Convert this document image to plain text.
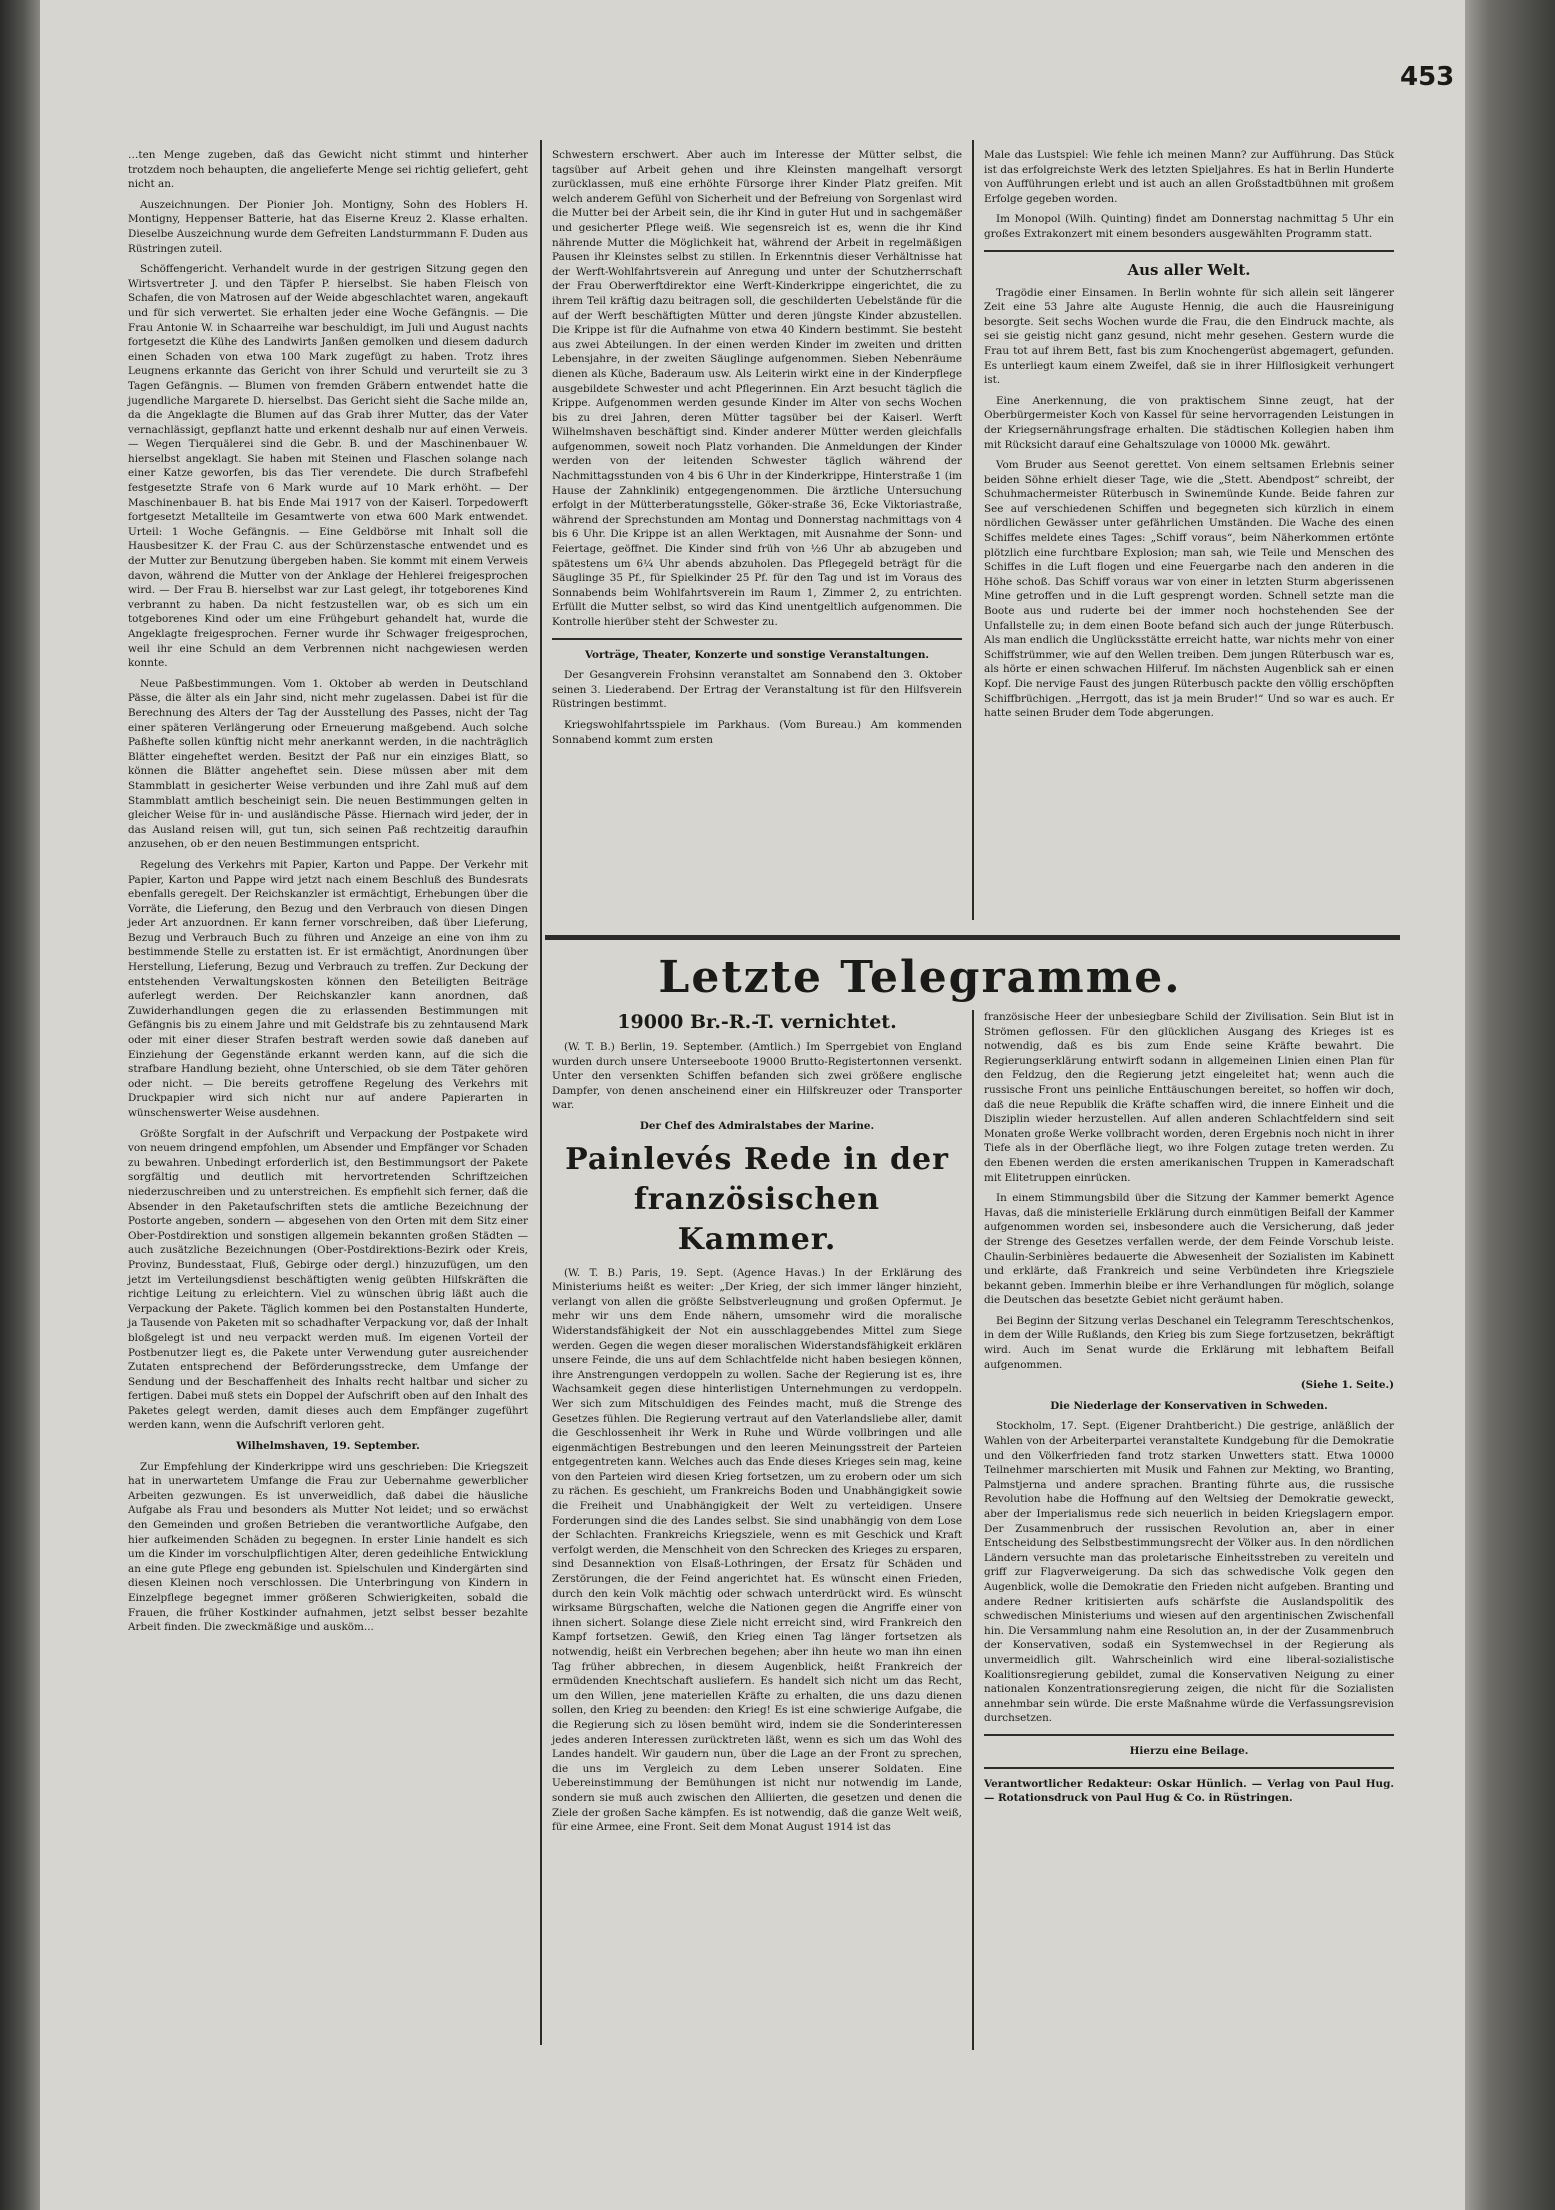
453

…ten Menge zugeben, daß das Gewicht nicht stimmt und hinterher trotzdem noch behaupten, die angelieferte Menge sei richtig geliefert, geht nicht an.

Auszeichnungen. Der Pionier Joh. Montigny, Sohn des Hoblers H. Montigny, Heppenser Batterie, hat das Eiserne Kreuz 2. Klasse erhalten. Dieselbe Auszeichnung wurde dem Gefreiten Landsturmmann F. Duden aus Rüstringen zuteil.

Schöffengericht. Verhandelt wurde in der gestrigen Sitzung gegen den Wirtsvertreter J. und den Täpfer P. hierselbst. Sie haben Fleisch von Schafen, die von Matrosen auf der Weide abgeschlachtet waren, angekauft und für sich verwertet. Sie erhalten jeder eine Woche Gefängnis. — Die Frau Antonie W. in Schaarreihe war beschuldigt, im Juli und August nachts fortgesetzt die Kühe des Landwirts Janßen gemolken und diesem dadurch einen Schaden von etwa 100 Mark zugefügt zu haben. Trotz ihres Leugnens erkannte das Gericht von ihrer Schuld und verurteilt sie zu 3 Tagen Gefängnis. — Blumen von fremden Gräbern entwendet hatte die jugendliche Margarete D. hierselbst. Das Gericht sieht die Sache milde an, da die Angeklagte die Blumen auf das Grab ihrer Mutter, das der Vater vernachlässigt, gepflanzt hatte und erkennt deshalb nur auf einen Verweis. — Wegen Tierquälerei sind die Gebr. B. und der Maschinenbauer W. hierselbst angeklagt. Sie haben mit Steinen und Flaschen solange nach einer Katze geworfen, bis das Tier verendete. Die durch Strafbefehl festgesetzte Strafe von 6 Mark wurde auf 10 Mark erhöht. — Der Maschinenbauer B. hat bis Ende Mai 1917 von der Kaiserl. Torpedowerft fortgesetzt Metallteile im Gesamtwerte von etwa 600 Mark entwendet. Urteil: 1 Woche Gefängnis. — Eine Geldbörse mit Inhalt soll die Hausbesitzer K. der Frau C. aus der Schürzenstasche entwendet und es der Mutter zur Benutzung übergeben haben. Sie kommt mit einem Verweis davon, während die Mutter von der Anklage der Hehlerei freigesprochen wird. — Der Frau B. hierselbst war zur Last gelegt, ihr totgeborenes Kind verbrannt zu haben. Da nicht festzustellen war, ob es sich um ein totgeborenes Kind oder um eine Frühgeburt gehandelt hat, wurde die Angeklagte freigesprochen. Ferner wurde ihr Schwager freigesprochen, weil ihr eine Schuld an dem Verbrennen nicht nachgewiesen werden konnte.

Neue Paßbestimmungen. Vom 1. Oktober ab werden in Deutschland Pässe, die älter als ein Jahr sind, nicht mehr zugelassen. Dabei ist für die Berechnung des Alters der Tag der Ausstellung des Passes, nicht der Tag einer späteren Verlängerung oder Erneuerung maßgebend. Auch solche Paßhefte sollen künftig nicht mehr anerkannt werden, in die nachträglich Blätter eingeheftet werden. Besitzt der Paß nur ein einziges Blatt, so können die Blätter angeheftet sein. Diese müssen aber mit dem Stammblatt in gesicherter Weise verbunden und ihre Zahl muß auf dem Stammblatt amtlich bescheinigt sein. Die neuen Bestimmungen gelten in gleicher Weise für in- und ausländische Pässe. Hiernach wird jeder, der in das Ausland reisen will, gut tun, sich seinen Paß rechtzeitig daraufhin anzusehen, ob er den neuen Bestimmungen entspricht.

Regelung des Verkehrs mit Papier, Karton und Pappe. Der Verkehr mit Papier, Karton und Pappe wird jetzt nach einem Beschluß des Bundesrats ebenfalls geregelt. Der Reichskanzler ist ermächtigt, Erhebungen über die Vorräte, die Lieferung, den Bezug und den Verbrauch von diesen Dingen jeder Art anzuordnen. Er kann ferner vorschreiben, daß über Lieferung, Bezug und Verbrauch Buch zu führen und Anzeige an eine von ihm zu bestimmende Stelle zu erstatten ist. Er ist ermächtigt, Anordnungen über Herstellung, Lieferung, Bezug und Verbrauch zu treffen. Zur Deckung der entstehenden Verwaltungskosten können den Beteiligten Beiträge auferlegt werden. Der Reichskanzler kann anordnen, daß Zuwiderhandlungen gegen die zu erlassenden Bestimmungen mit Gefängnis bis zu einem Jahre und mit Geldstrafe bis zu zehntausend Mark oder mit einer dieser Strafen bestraft werden sowie daß daneben auf Einziehung der Gegenstände erkannt werden kann, auf die sich die strafbare Handlung bezieht, ohne Unterschied, ob sie dem Täter gehören oder nicht. — Die bereits getroffene Regelung des Verkehrs mit Druckpapier wird sich nicht nur auf andere Papierarten in wünschenswerter Weise ausdehnen.

Größte Sorgfalt in der Aufschrift und Verpackung der Postpakete wird von neuem dringend empfohlen, um Absender und Empfänger vor Schaden zu bewahren. Unbedingt erforderlich ist, den Bestimmungsort der Pakete sorgfältig und deutlich mit hervortretenden Schriftzeichen niederzuschreiben und zu unterstreichen. Es empfiehlt sich ferner, daß die Absender in den Paketaufschriften stets die amtliche Bezeichnung der Postorte angeben, sondern — abgesehen von den Orten mit dem Sitz einer Ober-Postdirektion und sonstigen allgemein bekannten großen Städten — auch zusätzliche Bezeichnungen (Ober-Postdirektions-Bezirk oder Kreis, Provinz, Bundesstaat, Fluß, Gebirge oder dergl.) hinzuzufügen, um den jetzt im Verteilungsdienst beschäftigten wenig geübten Hilfskräften die richtige Leitung zu erleichtern. Viel zu wünschen übrig läßt auch die Verpackung der Pakete. Täglich kommen bei den Postanstalten Hunderte, ja Tausende von Paketen mit so schadhafter Verpackung vor, daß der Inhalt bloßgelegt ist und neu verpackt werden muß. Im eigenen Vorteil der Postbenutzer liegt es, die Pakete unter Verwendung guter ausreichender Zutaten entsprechend der Beförderungsstrecke, dem Umfange der Sendung und der Beschaffenheit des Inhalts recht haltbar und sicher zu fertigen. Dabei muß stets ein Doppel der Aufschrift oben auf den Inhalt des Paketes gelegt werden, damit dieses auch dem Empfänger zugeführt werden kann, wenn die Aufschrift verloren geht.

Wilhelmshaven, 19. September.

Zur Empfehlung der Kinderkrippe wird uns geschrieben: Die Kriegszeit hat in unerwartetem Umfange die Frau zur Uebernahme gewerblicher Arbeiten gezwungen. Es ist unverweidlich, daß dabei die häusliche Aufgabe als Frau und besonders als Mutter Not leidet; und so erwächst den Gemeinden und großen Betrieben die verantwortliche Aufgabe, den hier aufkeimenden Schäden zu begegnen. In erster Linie handelt es sich um die Kinder im vorschulpflichtigen Alter, deren gedeihliche Entwicklung an eine gute Pflege eng gebunden ist. Spielschulen und Kindergärten sind diesen Kleinen noch verschlossen. Die Unterbringung von Kindern in Einzelpflege begegnet immer größeren Schwierigkeiten, sobald die Frauen, die früher Kostkinder aufnahmen, jetzt selbst besser bezahlte Arbeit finden. Die zweckmäßige und ausköm...

Schwestern erschwert. Aber auch im Interesse der Mütter selbst, die tagsüber auf Arbeit gehen und ihre Kleinsten mangelhaft versorgt zurücklassen, muß eine erhöhte Fürsorge ihrer Kinder Platz greifen. Mit welch anderem Gefühl von Sicherheit und der Befreiung von Sorgenlast wird die Mutter bei der Arbeit sein, die ihr Kind in guter Hut und in sachgemäßer und gesicherter Pflege weiß. Wie segensreich ist es, wenn die ihr Kind nährende Mutter die Möglichkeit hat, während der Arbeit in regelmäßigen Pausen ihr Kleinstes selbst zu stillen. In Erkenntnis dieser Verhältnisse hat der Werft-Wohlfahrtsverein auf Anregung und unter der Schutzherrschaft der Frau Oberwerftdirektor eine Werft-Kinderkrippe eingerichtet, die zu ihrem Teil kräftig dazu beitragen soll, die geschilderten Uebelstände für die auf der Werft beschäftigten Mütter und deren jüngste Kinder abzustellen. Die Krippe ist für die Aufnahme von etwa 40 Kindern bestimmt. Sie besteht aus zwei Abteilungen. In der einen werden Kinder im zweiten und dritten Lebensjahre, in der zweiten Säuglinge aufgenommen. Sieben Nebenräume dienen als Küche, Baderaum usw. Als Leiterin wirkt eine in der Kinderpflege ausgebildete Schwester und acht Pflegerinnen. Ein Arzt besucht täglich die Krippe. Aufgenommen werden gesunde Kinder im Alter von sechs Wochen bis zu drei Jahren, deren Mütter tagsüber bei der Kaiserl. Werft Wilhelmshaven beschäftigt sind. Kinder anderer Mütter werden gleichfalls aufgenommen, soweit noch Platz vorhanden. Die Anmeldungen der Kinder werden von der leitenden Schwester täglich während der Nachmittagsstunden von 4 bis 6 Uhr in der Kinderkrippe, Hinterstraße 1 (im Hause der Zahnklinik) entgegengenommen. Die ärztliche Untersuchung erfolgt in der Mütterberatungsstelle, Göker-straße 36, Ecke Viktoriastraße, während der Sprechstunden am Montag und Donnerstag nachmittags von 4 bis 6 Uhr. Die Krippe ist an allen Werktagen, mit Ausnahme der Sonn- und Feiertage, geöffnet. Die Kinder sind früh von ½6 Uhr ab abzugeben und spätestens um 6¼ Uhr abends abzuholen. Das Pflegegeld beträgt für die Säuglinge 35 Pf., für Spielkinder 25 Pf. für den Tag und ist im Voraus des Sonnabends beim Wohlfahrtsverein im Raum 1, Zimmer 2, zu entrichten. Erfüllt die Mutter selbst, so wird das Kind unentgeltlich aufgenommen. Die Kontrolle hierüber steht der Schwester zu.

Vorträge, Theater, Konzerte und sonstige Veranstaltungen.

Der Gesangverein Frohsinn veranstaltet am Sonnabend den 3. Oktober seinen 3. Liederabend. Der Ertrag der Veranstaltung ist für den Hilfsverein Rüstringen bestimmt.

Kriegswohlfahrtsspiele im Parkhaus. (Vom Bureau.) Am kommenden Sonnabend kommt zum ersten

Male das Lustspiel: Wie fehle ich meinen Mann? zur Aufführung. Das Stück ist das erfolgreichste Werk des letzten Spieljahres. Es hat in Berlin Hunderte von Aufführungen erlebt und ist auch an allen Großstadtbühnen mit großem Erfolge gegeben worden.

Im Monopol (Wilh. Quinting) findet am Donnerstag nachmittag 5 Uhr ein großes Extrakonzert mit einem besonders ausgewählten Programm statt.

Aus aller Welt.

Tragödie einer Einsamen. In Berlin wohnte für sich allein seit längerer Zeit eine 53 Jahre alte Auguste Hennig, die auch die Hausreinigung besorgte. Seit sechs Wochen wurde die Frau, die den Eindruck machte, als sei sie geistig nicht ganz gesund, nicht mehr gesehen. Gestern wurde die Frau tot auf ihrem Bett, fast bis zum Knochengerüst abgemagert, gefunden. Es unterliegt kaum einem Zweifel, daß sie in ihrer Hilflosigkeit verhungert ist.

Eine Anerkennung, die von praktischem Sinne zeugt, hat der Oberbürgermeister Koch von Kassel für seine hervorragenden Leistungen in der Kriegsernährungsfrage erhalten. Die städtischen Kollegien haben ihm mit Rücksicht darauf eine Gehaltszulage von 10000 Mk. gewährt.

Vom Bruder aus Seenot gerettet. Von einem seltsamen Erlebnis seiner beiden Söhne erhielt dieser Tage, wie die „Stett. Abendpost“ schreibt, der Schuhmachermeister Rüterbusch in Swinemünde Kunde. Beide fahren zur See auf verschiedenen Schiffen und begegneten sich kürzlich in einem nördlichen Gewässer unter gefährlichen Umständen. Die Wache des einen Schiffes meldete eines Tages: „Schiff voraus“, beim Näherkommen ertönte plötzlich eine furchtbare Explosion; man sah, wie Teile und Menschen des Schiffes in die Luft flogen und eine Feuergarbe nach den anderen in die Höhe schoß. Das Schiff voraus war von einer in letzten Sturm abgerissenen Mine getroffen und in die Luft gesprengt worden. Schnell setzte man die Boote aus und ruderte bei der immer noch hochstehenden See der Unfallstelle zu; in dem einen Boote befand sich auch der junge Rüterbusch. Als man endlich die Unglücksstätte erreicht hatte, war nichts mehr von einer Schiffstrümmer, wie auf den Wellen treiben. Dem jungen Rüterbusch war es, als hörte er einen schwachen Hilferuf. Im nächsten Augenblick sah er einen Kopf. Die nervige Faust des jungen Rüterbusch packte den völlig erschöpften Schiffbrüchigen. „Herrgott, das ist ja mein Bruder!“ Und so war es auch. Er hatte seinen Bruder dem Tode abgerungen.

Letzte Telegramme.

19000 Br.-R.-T. vernichtet.

(W. T. B.) Berlin, 19. September. (Amtlich.) Im Sperrgebiet von England wurden durch unsere Unterseeboote 19000 Brutto-Registertonnen versenkt. Unter den versenkten Schiffen befanden sich zwei größere englische Dampfer, von denen anscheinend einer ein Hilfskreuzer oder Transporter war.

Der Chef des Admiralstabes der Marine.

Painlevés Rede in der französischen Kammer.

(W. T. B.) Paris, 19. Sept. (Agence Havas.) In der Erklärung des Ministeriums heißt es weiter: „Der Krieg, der sich immer länger hinzieht, verlangt von allen die größte Selbstverleugnung und großen Opfermut. Je mehr wir uns dem Ende nähern, umsomehr wird die moralische Widerstandsfähigkeit der Not ein ausschlaggebendes Mittel zum Siege werden. Gegen die wegen dieser moralischen Widerstandsfähigkeit erklären unsere Feinde, die uns auf dem Schlachtfelde nicht haben besiegen können, ihre Anstrengungen verdoppeln zu wollen. Sache der Regierung ist es, ihre Wachsamkeit gegen diese hinterlistigen Unternehmungen zu verdoppeln. Wer sich zum Mitschuldigen des Feindes macht, muß die Strenge des Gesetzes fühlen. Die Regierung vertraut auf den Vaterlandsliebe aller, damit die Geschlossenheit ihr Werk in Ruhe und Würde vollbringen und alle eigenmächtigen Bestrebungen und den leeren Meinungsstreit der Parteien entgegentreten kann. Welches auch das Ende dieses Krieges sein mag, keine von den Parteien wird diesen Krieg fortsetzen, um zu erobern oder um sich zu rächen. Es geschieht, um Frankreichs Boden und Unabhängigkeit sowie die Freiheit und Unabhängigkeit der Welt zu verteidigen. Unsere Forderungen sind die des Landes selbst. Sie sind unabhängig von dem Lose der Schlachten. Frankreichs Kriegsziele, wenn es mit Geschick und Kraft verfolgt werden, die Menschheit von den Schrecken des Krieges zu ersparen, sind Desannektion von Elsaß-Lothringen, der Ersatz für Schäden und Zerstörungen, die der Feind angerichtet hat. Es wünscht einen Frieden, durch den kein Volk mächtig oder schwach unterdrückt wird. Es wünscht wirksame Bürgschaften, welche die Nationen gegen die Angriffe einer von ihnen sichert. Solange diese Ziele nicht erreicht sind, wird Frankreich den Kampf fortsetzen. Gewiß, den Krieg einen Tag länger fortsetzen als notwendig, heißt ein Verbrechen begehen; aber ihn heute wo man ihn einen Tag früher abbrechen, in diesem Augenblick, heißt Frankreich der ermüdenden Knechtschaft ausliefern. Es handelt sich nicht um das Recht, um den Willen, jene materiellen Kräfte zu erhalten, die uns dazu dienen sollen, den Krieg zu beenden: den Krieg! Es ist eine schwierige Aufgabe, die die Regierung sich zu lösen bemüht wird, indem sie die Sonderinteressen jedes anderen Interessen zurücktreten läßt, wenn es sich um das Wohl des Landes handelt. Wir gaudern nun, über die Lage an der Front zu sprechen, die uns im Vergleich zu dem Leben unserer Soldaten. Eine Uebereinstimmung der Bemühungen ist nicht nur notwendig im Lande, sondern sie muß auch zwischen den Alliierten, die gesetzen und denen die Ziele der großen Sache kämpfen. Es ist notwendig, daß die ganze Welt weiß, für eine Armee, eine Front. Seit dem Monat August 1914 ist das

französische Heer der unbesiegbare Schild der Zivilisation. Sein Blut ist in Strömen geflossen. Für den glücklichen Ausgang des Krieges ist es notwendig, daß es bis zum Ende seine Kräfte bewahrt. Die Regierungserklärung entwirft sodann in allgemeinen Linien einen Plan für den Feldzug, den die Regierung jetzt eingeleitet hat; wenn auch die russische Front uns peinliche Enttäuschungen bereitet, so hoffen wir doch, daß die neue Republik die Kräfte schaffen wird, die innere Einheit und die Disziplin wieder herzustellen. Auf allen anderen Schlachtfeldern sind seit Monaten große Werke vollbracht worden, deren Ergebnis noch nicht in ihrer Tiefe als in der Oberfläche liegt, wo ihre Folgen zutage treten werden. Zu den Ebenen werden die ersten amerikanischen Truppen in Kameradschaft mit Elitetruppen einrücken.

In einem Stimmungsbild über die Sitzung der Kammer bemerkt Agence Havas, daß die ministerielle Erklärung durch einmütigen Beifall der Kammer aufgenommen worden sei, insbesondere auch die Versicherung, daß jeder der Strenge des Gesetzes verfallen werde, der dem Feinde Vorschub leiste. Chaulin-Serbinières bedauerte die Abwesenheit der Sozialisten im Kabinett und erklärte, daß Frankreich und seine Verbündeten ihre Kriegsziele bekannt geben. Immerhin bleibe er ihre Verhandlungen für möglich, solange die Deutschen das besetzte Gebiet nicht geräumt haben.

Bei Beginn der Sitzung verlas Deschanel ein Telegramm Tereschtschenkos, in dem der Wille Rußlands, den Krieg bis zum Siege fortzusetzen, bekräftigt wird. Auch im Senat wurde die Erklärung mit lebhaftem Beifall aufgenommen.

(Siehe 1. Seite.)

Die Niederlage der Konservativen in Schweden.

Stockholm, 17. Sept. (Eigener Drahtbericht.) Die gestrige, anläßlich der Wahlen von der Arbeiterpartei veranstaltete Kundgebung für die Demokratie und den Völkerfrieden fand trotz starken Unwetters statt. Etwa 10000 Teilnehmer marschierten mit Musik und Fahnen zur Mekting, wo Branting, Palmstjerna und andere sprachen. Branting führte aus, die russische Revolution habe die Hoffnung auf den Weltsieg der Demokratie geweckt, aber der Imperialismus rede sich neuerlich in beiden Kriegslagern empor. Der Zusammenbruch der russischen Revolution an, aber in einer Entscheidung des Selbstbestimmungsrecht der Völker aus. In den nördlichen Ländern versuchte man das proletarische Einheitsstreben zu vereiteln und griff zur Flagverweigerung. Da sich das schwedische Volk gegen den Augenblick, wolle die Demokratie den Frieden nicht aufgeben. Branting und andere Redner kritisierten aufs schärfste die Auslandspolitik des schwedischen Ministeriums und wiesen auf den argentinischen Zwischenfall hin. Die Versammlung nahm eine Resolution an, in der der Zusammenbruch der Konservativen, sodaß ein Systemwechsel in der Regierung als unvermeidlich gilt. Wahrscheinlich wird eine liberal-sozialistische Koalitionsregierung gebildet, zumal die Konservativen Neigung zu einer nationalen Konzentrationsregierung zeigen, die nicht für die Sozialisten annehmbar sein würde. Die erste Maßnahme würde die Verfassungsrevision durchsetzen.

Hierzu eine Beilage.

Verantwortlicher Redakteur: Oskar Hünlich. — Verlag von Paul Hug. — Rotationsdruck von Paul Hug & Co. in Rüstringen.
